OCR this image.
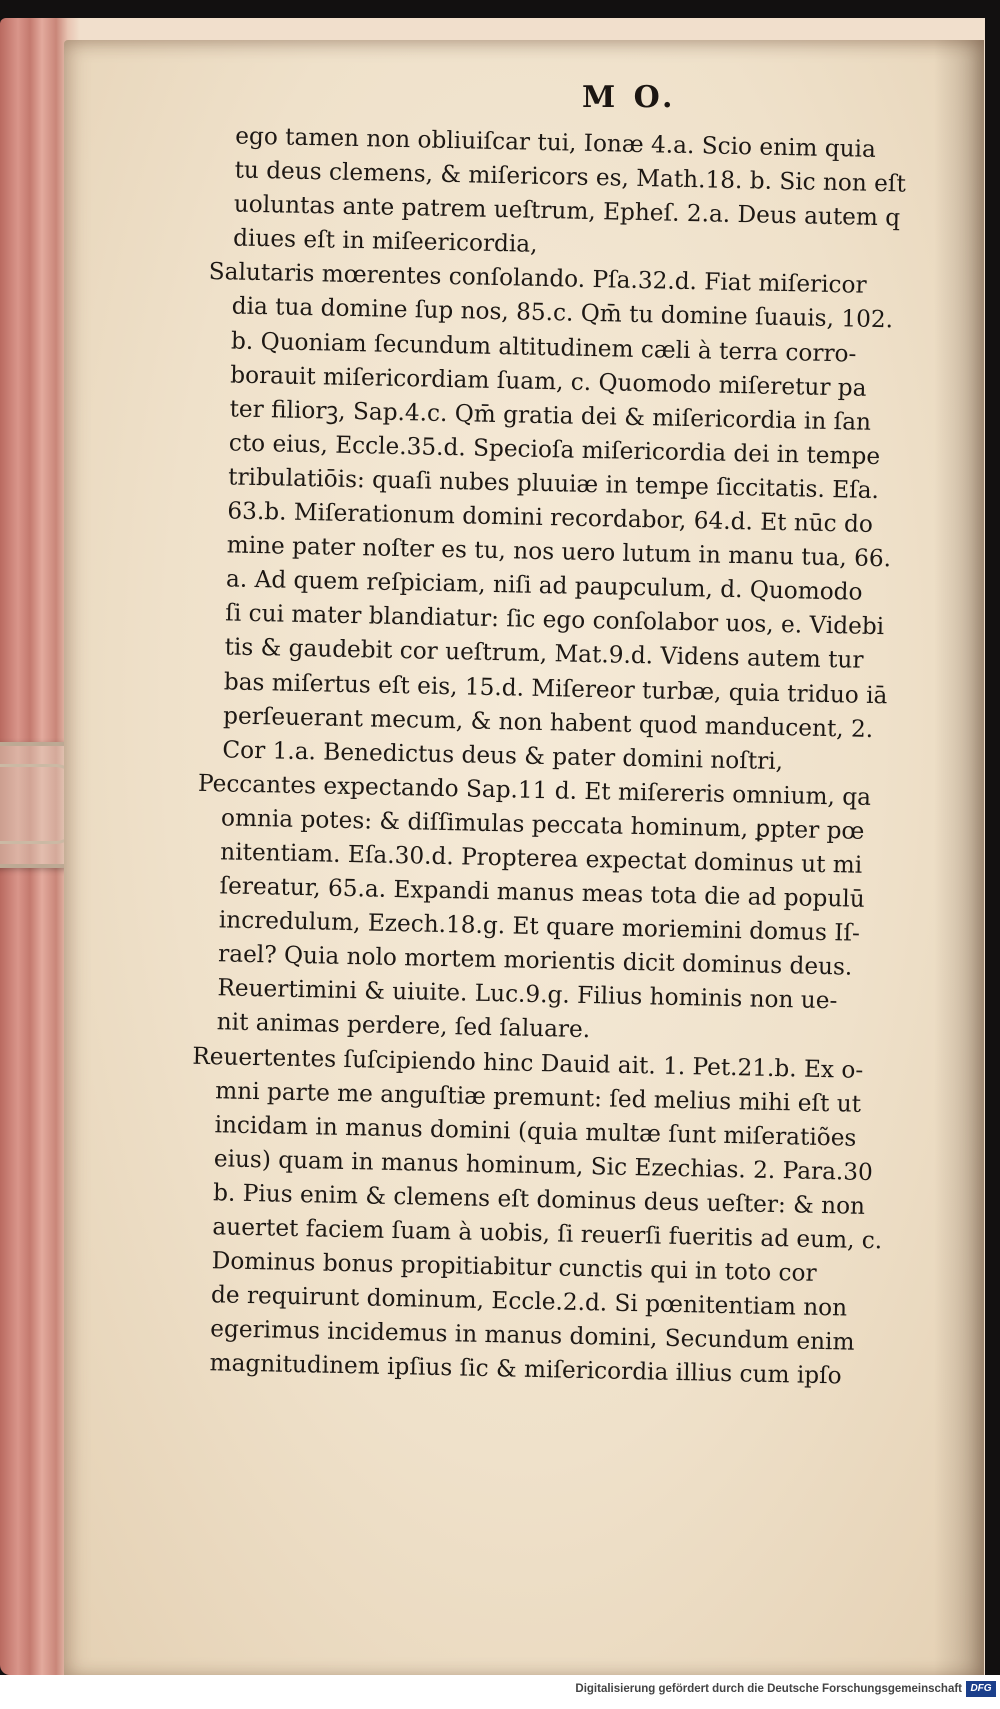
M O.

ego tamen non obliuiſcar tui, Ionæ 4.a. Scio enim quia

tu deus clemens, & miſericors es, Math.18. b. Sic non eſt

uoluntas ante patrem ueſtrum, Epheſ. 2.a. Deus autem q

diues eſt in miſeericordia,

Salutaris mœrentes conſolando. Pſa.32.d. Fiat miſericor

dia tua domine ſup nos, 85.c. Qm̄ tu domine ſuauis, 102.

b. Quoniam ſecundum altitudinem cæli à terra corro-

borauit miſericordiam ſuam, c. Quomodo miſeretur pa

ter filiorꝫ, Sap.4.c. Qm̄ gratia dei & miſericordia in ſan

cto eius, Eccle.35.d. Specioſa miſericordia dei in tempe

tribulatiōis: quaſi nubes pluuiæ in tempe ſiccitatis. Eſa.

63.b. Miſerationum domini recordabor, 64.d. Et nūc do

mine pater noſter es tu, nos uero lutum in manu tua, 66.

a. Ad quem reſpiciam, niſi ad paupculum, d. Quomodo

ſi cui mater blandiatur: ſic ego conſolabor uos, e. Videbi

tis & gaudebit cor ueſtrum, Mat.9.d. Videns autem tur

bas miſertus eſt eis, 15.d. Miſereor turbæ, quia triduo iā

perſeuerant mecum, & non habent quod manducent, 2.

Cor 1.a. Benedictus deus & pater domini noſtri,

Peccantes expectando Sap.11 d. Et miſereris omnium, qa

omnia potes: & diſſimulas peccata hominum, ꝑpter pœ

nitentiam. Eſa.30.d. Propterea expectat dominus ut mi

ſereatur, 65.a. Expandi manus meas tota die ad populū

incredulum, Ezech.18.g. Et quare moriemini domus Iſ-

rael? Quia nolo mortem morientis dicit dominus deus.

Reuertimini & uiuite. Luc.9.g. Filius hominis non ue-

nit animas perdere, ſed ſaluare.

Reuertentes ſuſcipiendo hinc Dauid ait. 1. Pet.21.b. Ex o-

mni parte me anguſtiæ premunt: ſed melius mihi eſt ut

incidam in manus domini (quia multæ ſunt miſeratiões

eius) quam in manus hominum, Sic Ezechias. 2. Para.30

b. Pius enim & clemens eſt dominus deus ueſter: & non

auertet faciem ſuam à uobis, ſi reuerſi fueritis ad eum, c.

Dominus bonus propitiabitur cunctis qui in toto cor

de requirunt dominum, Eccle.2.d. Si pœnitentiam non

egerimus incidemus in manus domini, Secundum enim

magnitudinem ipſius ſic & miſericordia illius cum ipſo

Digitalisierung gefördert durch die Deutsche Forschungsgemeinschaft DFG
